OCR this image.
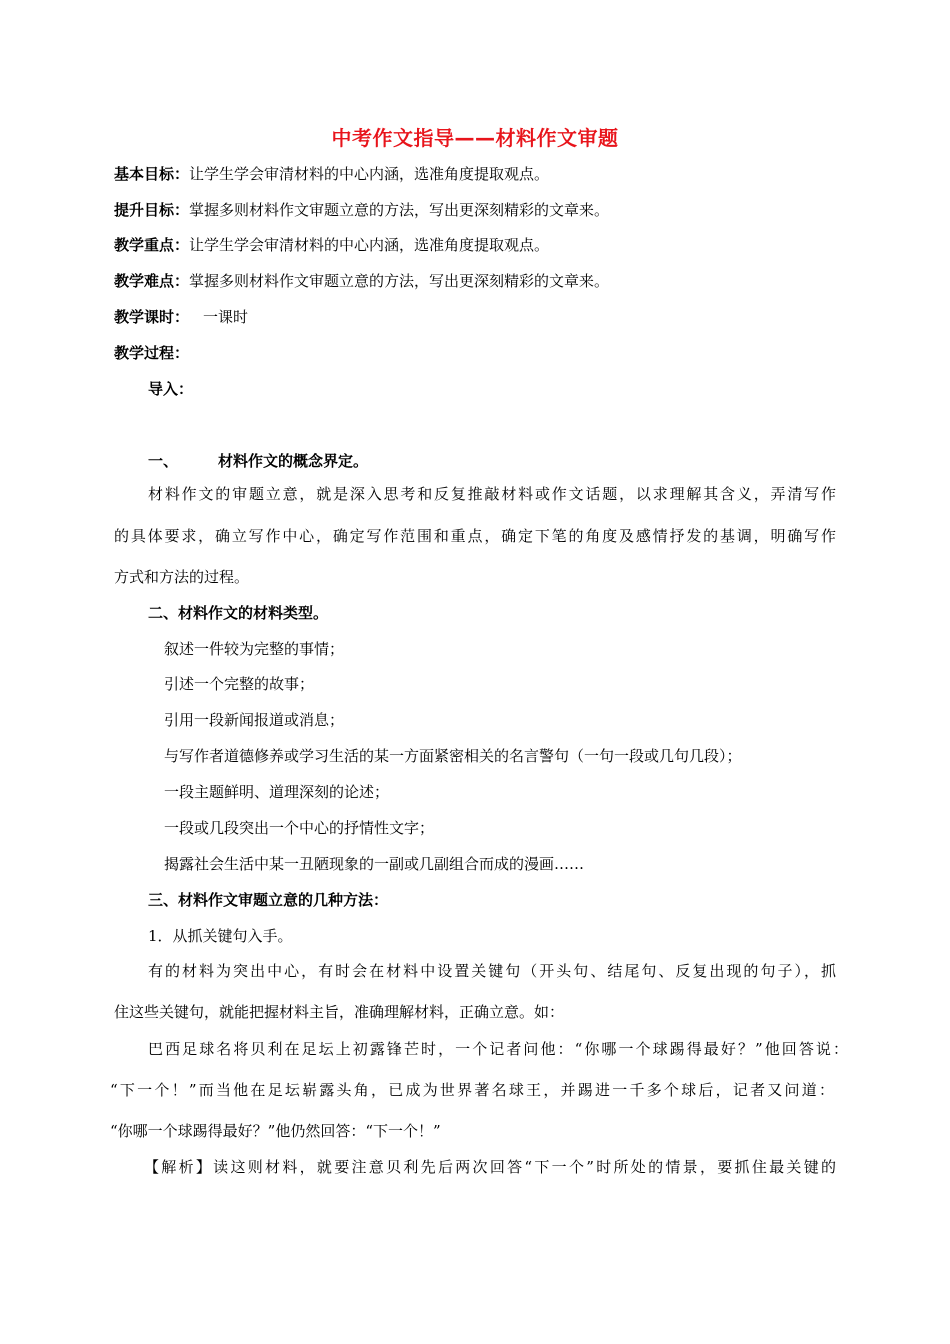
中考作文指导——材料作文审题
基本目标：让学生学会审清材料的中心内涵，选准角度提取观点。
提升目标：掌握多则材料作文审题立意的方法，写出更深刻精彩的文章来。
教学重点：让学生学会审清材料的中心内涵，选准角度提取观点。
教学难点：掌握多则材料作文审题立意的方法，写出更深刻精彩的文章来。
教学课时： 一课时
教学过程：
导入：
一、	材料作文的概念界定。
材料作文的审题立意，就是深入思考和反复推敲材料或作文话题，以求理解其含义，弄清写作
的具体要求，确立写作中心，确定写作范围和重点，确定下笔的角度及感情抒发的基调，明确写作
方式和方法的过程。
二、材料作文的材料类型。
叙述一件较为完整的事情；
引述一个完整的故事；
引用一段新闻报道或消息；
与写作者道德修养或学习生活的某一方面紧密相关的名言警句（一句一段或几句几段）；
一段主题鲜明、道理深刻的论述；
一段或几段突出一个中心的抒情性文字；
揭露社会生活中某一丑陋现象的一副或几副组合而成的漫画……
三、材料作文审题立意的几种方法：
1．从抓关键句入手。
有的材料为突出中心，有时会在材料中设置关键句（开头句、结尾句、反复出现的句子），抓
住这些关键句，就能把握材料主旨，准确理解材料，正确立意。如：
巴西足球名将贝利在足坛上初露锋芒时，一个记者问他：“你哪一个球踢得最好？”他回答说：
“下一个！”而当他在足坛崭露头角，已成为世界著名球王，并踢进一千多个球后，记者又问道：
“你哪一个球踢得最好？”他仍然回答：“下一个！”
【解析】读这则材料，就要注意贝利先后两次回答“下一个”时所处的情景，要抓住最关键的
